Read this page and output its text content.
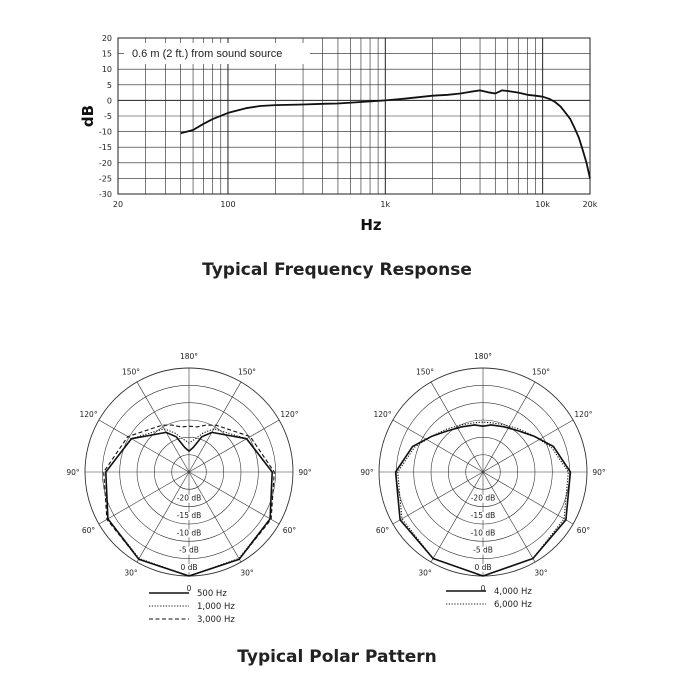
20
15
10
5
0
-5
-10
-15
-20
-25
-30
20	100	1k	10k	20k
Hz
dB
0.6 m (2 ft.) from sound source
Typical Frequency Response
0
30°
60°
90°
120°
150°
180°
150°
120°
90°
60°
30°
0 dB
-5 dB
-10 dB
-15 dB
-20 dB
500 Hz
1,000 Hz
3,000 Hz
0
30°
60°
90°
120°
150°
180°
150°
120°
90°
60°
30°
0 dB
-5 dB
-10 dB
-15 dB
-20 dB
4,000 Hz
6,000 Hz
Typical Polar Pattern
